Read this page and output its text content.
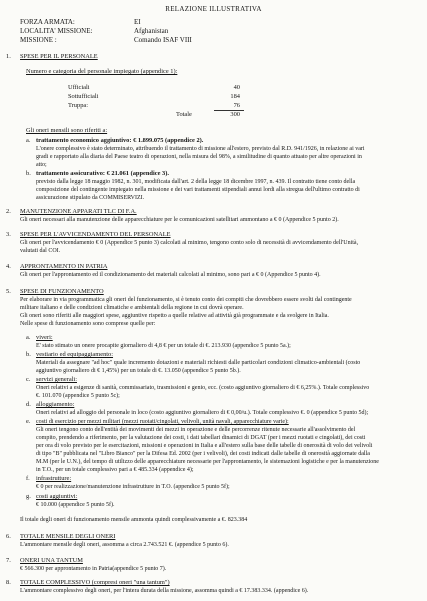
RELAZIONE ILLUSTRATIVA
FORZA ARMATA:	EI
LOCALITA' MISSIONE:	Afghanistan
MISSIONE :	Comando ISAF VIII
1. SPESE PER IL PERSONALE
Numero e categoria del personale impiegato (appendice 1):
Ufficiali	40
Sottufficiali	184
Truppa:	76
Totale	300
Gli oneri mensili sono riferiti a:
a. trattamento economico aggiuntivo: € 1.899.075 (appendice 2).
L'onere complessivo è stato determinato, attribuendo il trattamento di missione all'estero, previsto dal R.D. 941/1926, in relazione ai vari
gradi e rapportato alla diaria del Paese teatro di operazioni, nella misura del 98%, a similitudine di quanto attuato per altre operazioni in
atto;
b. trattamento assicurativo: € 21.061 (appendice 3).
previsto dalla legge 18 maggio 1982, n. 301, modificata dall'art. 2 della legge 18 dicembre 1997, n. 439. Il contratto tiene conto della
composizione del contingente impiegato nella missione e dei vari trattamenti stipendiali annui lordi alla stregua dell'ultimo contratto di
assicurazione stipulato da COMMISERVIZI.
2. MANUTENZIONE APPARATI TLC DI F.A.
Gli oneri necessari alla manutenzione delle apparecchiature per le comunicazioni satellitari ammontano a € 0 (Appendice 5 punto 2).
3. SPESE PER L'AVVICENDAMENTO DEL PERSONALE
Gli oneri per l'avvicendamento € 0 (Appendice 5 punto 3) calcolati al minimo, tengono conto solo di necessità di avvicendamento dell'Unità,
valutati dal COI.
4. APPRONTAMENTO IN PATRIA
Gli oneri per l'approntamento ed il condizionamento dei materiali calcolati al minimo, sono pari a € 0 (Appendice 5 punto 4).
5. SPESE DI FUNZIONAMENTO
Per elaborare in via programmatica gli oneri del funzionamento, si è tenuto conto dei compiti che dovrebbero essere svolti dal contingente
militare italiano e delle condizioni climatiche e ambientali della regione in cui dovrà operare.
Gli oneri sono riferiti alle maggiori spese, aggiuntive rispetto a quelle relative ad attività già programmate e da svolgere in Italia.
Nelle spese di funzionamento sono comprese quelle per:
a. viveri:
E' stato stimato un onere procapite giornaliero di 4,8 € per un totale di €. 213.930 (appendice 5 punto 5a.);
b. vestiario ed equipaggiamento:
Materiali da assegnare "ad hoc" quale incremento dotazioni e materiali richiesti dalle particolari condizioni climatico-ambientali (costo
aggiuntivo giornaliero di € 1,45%) per un totale di €. 13.050 (appendice 5 punto 5b.).
c. servizi generali:
Oneri relativi a esigenze di sanità, commissariato, trasmissioni e genio, ecc. (costo aggiuntivo giornaliero di € 6,25%.). Totale complessivo
€. 101.070 (appendice 5 punto 5c);
d. alloggiamento:
Oneri relativi ad alloggio del personale in loco (costo aggiuntivo giornaliero di € 0,00/u.). Totale complessivo €. 0 (appendice 5 punto 5d);
e. costi di esercizio per mezzi militari (mezzi ruotati/cingolati, velivoli, unità navali, apparecchiature varie):
Gli oneri tengono conto dell'entità dei movimenti dei mezzi in operazione e delle percorrenze ritenute necessarie all'assolvimento del
compito, prendendo a riferimento, per la valutazione dei costi, i dati tabellari dinamici di DGAT (per i mezzi ruotati e cingolati), dei costi
per ora di volo previsto per le esercitazioni, missioni e operazioni in Italia e all'estero sulla base delle tabelle di onerosità di volo dei velivoli
di tipo "B" pubblicata nel "Libro Bianco" per la Difesa Ed. 2002 (per i velivoli), dei costi indicati dalle tabelle di onerosità aggiornate dalla
M.M (per le U.N.), del tempo di utilizzo delle apparecchiature necessarie per l'approntamento, le sistemazioni logistiche e per la manutenzione
in T.O., per un totale complessivo pari a € 485.334 (appendice 4);
f. infrastrutture:
€ 0 per realizzazione/manutenzione infrastrutture in T.O. (appendice 5 punto 5f);
g. costi aggiuntivi:
€ 10.000 (appendice 5 punto 5f).
Il totale degli oneri di funzionamento mensile ammonta quindi complessivamente a €. 823.384
6. TOTALE MENSILE DEGLI ONERI
L'ammontare mensile degli oneri, assomma a circa 2.743.521 €. (appendice 5 punto 6).
7. ONERI UNA TANTUM
€ 566.300 per approntamento in Patria(appendice 5 punto 7).
8. TOTALE COMPLESSIVO (compresi oneri "una tantum")
L'ammontare complessivo degli oneri, per l'intera durata della missione, assomma quindi a € 17.383.334. (appendice 6).
